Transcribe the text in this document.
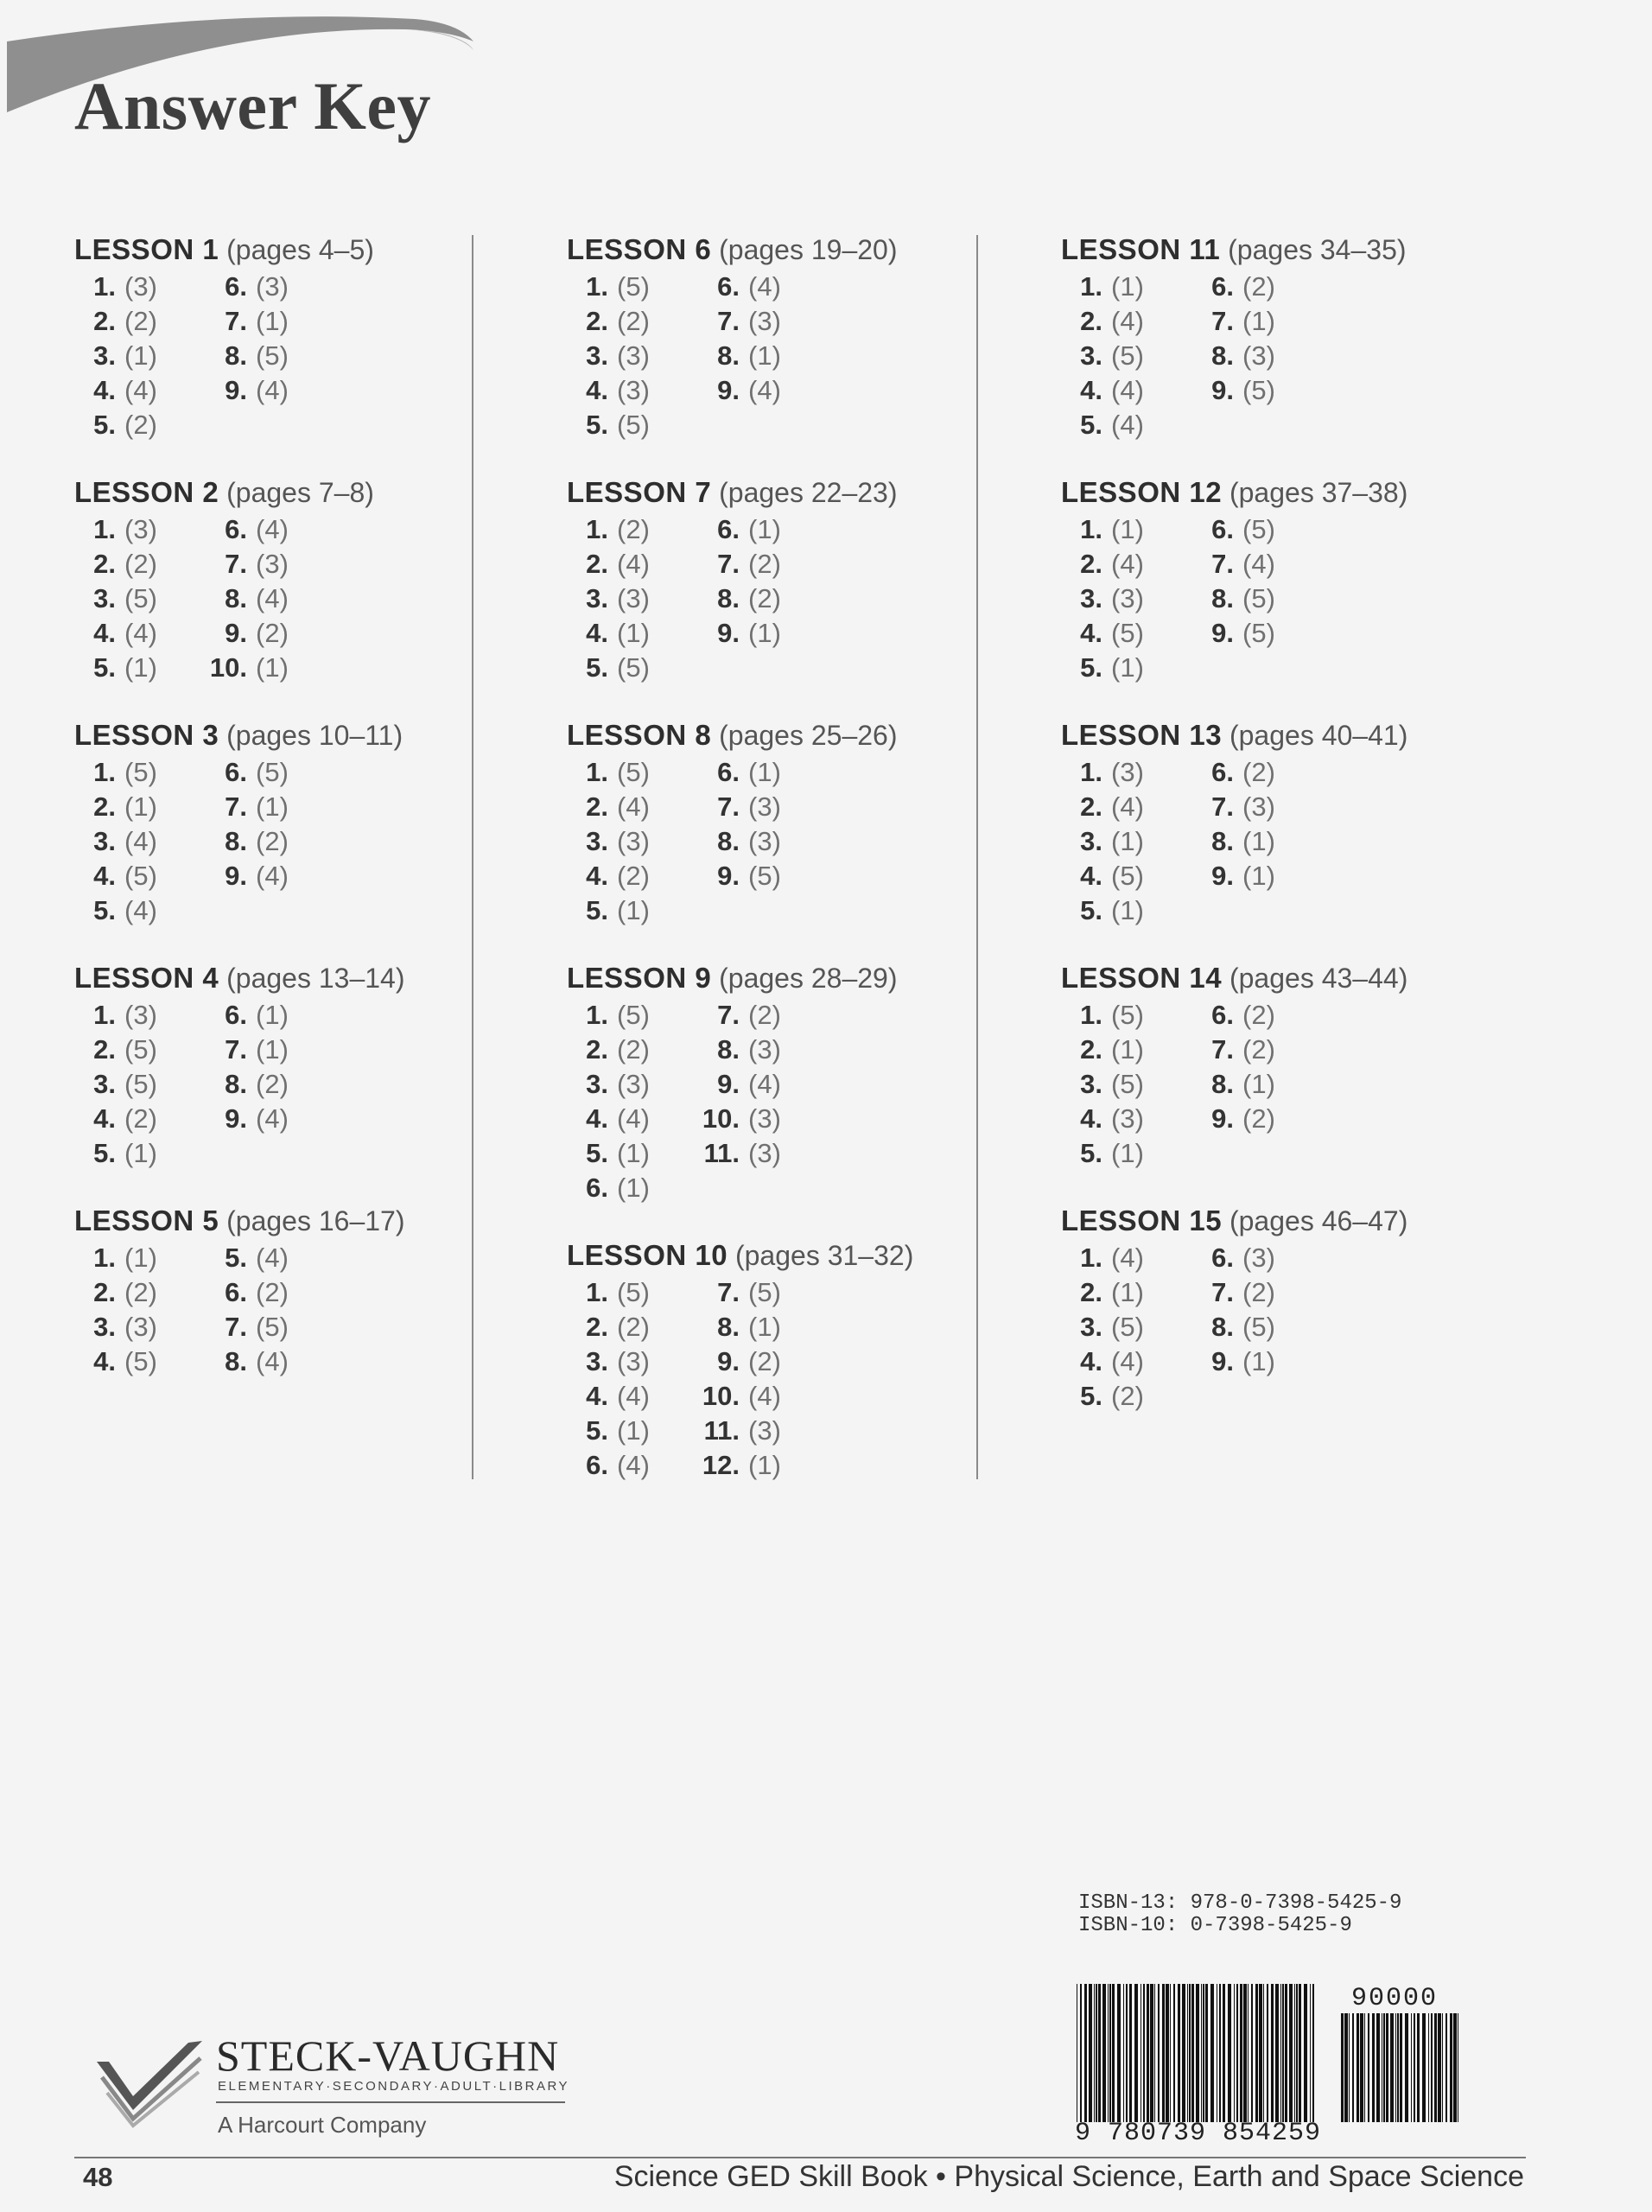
Answer Key
LESSON 1 (pages 4–5)
1. (3)
2. (2)
3. (1)
4. (4)
5. (2)
6. (3)
7. (1)
8. (5)
9. (4)
LESSON 2 (pages 7–8)
1. (3)
2. (2)
3. (5)
4. (4)
5. (1)
6. (4)
7. (3)
8. (4)
9. (2)
10. (1)
LESSON 3 (pages 10–11)
1. (5)
2. (1)
3. (4)
4. (5)
5. (4)
6. (5)
7. (1)
8. (2)
9. (4)
LESSON 4 (pages 13–14)
1. (3)
2. (5)
3. (5)
4. (2)
5. (1)
6. (1)
7. (1)
8. (2)
9. (4)
LESSON 5 (pages 16–17)
1. (1)
2. (2)
3. (3)
4. (5)
5. (4)
6. (2)
7. (5)
8. (4)
LESSON 6 (pages 19–20)
1. (5)
2. (2)
3. (3)
4. (3)
5. (5)
6. (4)
7. (3)
8. (1)
9. (4)
LESSON 7 (pages 22–23)
1. (2)
2. (4)
3. (3)
4. (1)
5. (5)
6. (1)
7. (2)
8. (2)
9. (1)
LESSON 8 (pages 25–26)
1. (5)
2. (4)
3. (3)
4. (2)
5. (1)
6. (1)
7. (3)
8. (3)
9. (5)
LESSON 9 (pages 28–29)
1. (5)
2. (2)
3. (3)
4. (4)
5. (1)
6. (1)
7. (2)
8. (3)
9. (4)
10. (3)
11. (3)
LESSON 10 (pages 31–32)
1. (5)
2. (2)
3. (3)
4. (4)
5. (1)
6. (4)
7. (5)
8. (1)
9. (2)
10. (4)
11. (3)
12. (1)
LESSON 11 (pages 34–35)
1. (1)
2. (4)
3. (5)
4. (4)
5. (4)
6. (2)
7. (1)
8. (3)
9. (5)
LESSON 12 (pages 37–38)
1. (1)
2. (4)
3. (3)
4. (5)
5. (1)
6. (5)
7. (4)
8. (5)
9. (5)
LESSON 13 (pages 40–41)
1. (3)
2. (4)
3. (1)
4. (5)
5. (1)
6. (2)
7. (3)
8. (1)
9. (1)
LESSON 14 (pages 43–44)
1. (5)
2. (1)
3. (5)
4. (3)
5. (1)
6. (2)
7. (2)
8. (1)
9. (2)
LESSON 15 (pages 46–47)
1. (4)
2. (1)
3. (5)
4. (4)
5. (2)
6. (3)
7. (2)
8. (5)
9. (1)
ISBN-13: 978-0-7398-5425-9
ISBN-10: 0-7398-5425-9
90000
9 780739 854259
STECK-VAUGHN
ELEMENTARY·SECONDARY·ADULT·LIBRARY
A Harcourt Company
48	Science GED Skill Book • Physical Science, Earth and Space Science
